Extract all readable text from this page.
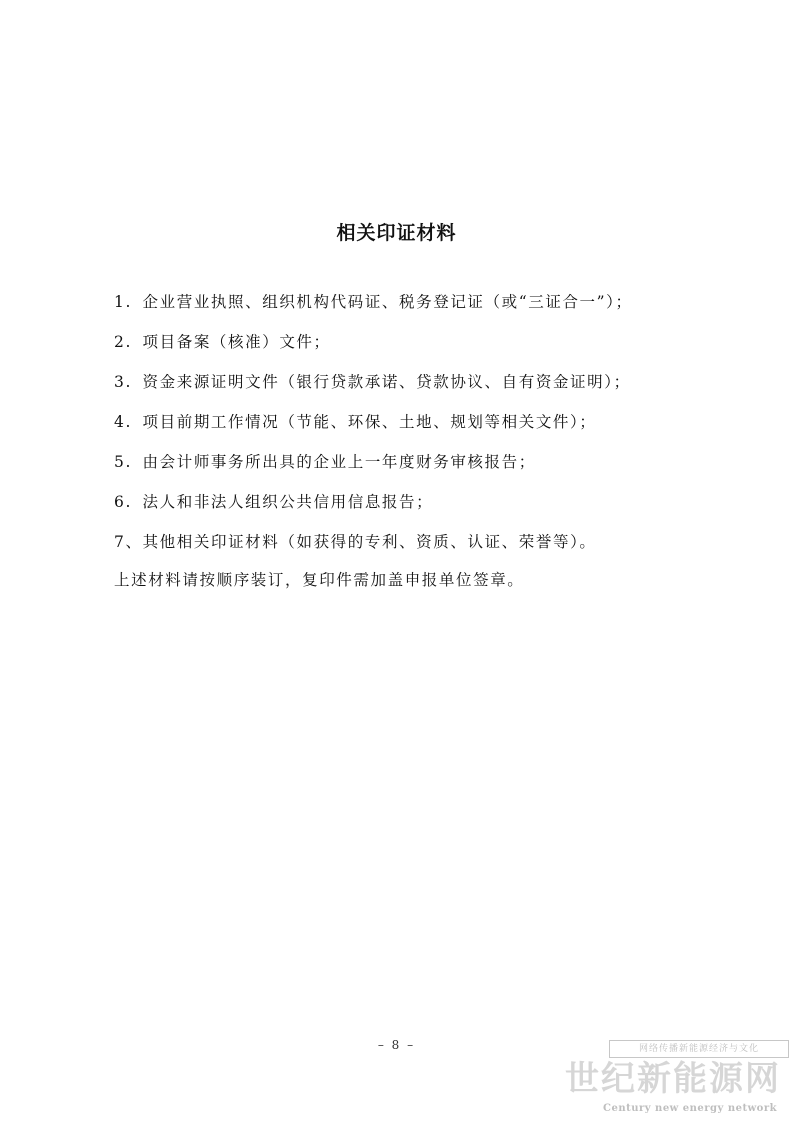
相关印证材料
1. 企业营业执照、组织机构代码证、税务登记证（或“三证合一”）；
2. 项目备案（核准）文件；
3. 资金来源证明文件（银行贷款承诺、贷款协议、自有资金证明）；
4. 项目前期工作情况（节能、环保、土地、规划等相关文件）；
5. 由会计师事务所出具的企业上一年度财务审核报告；
6. 法人和非法人组织公共信用信息报告；
7、其他相关印证材料（如获得的专利、资质、认证、荣誉等）。

上述材料请按顺序装订，复印件需加盖申报单位签章。

– 8 –	网络传播新能源经济与文化
世纪新能源网
Century new energy network
